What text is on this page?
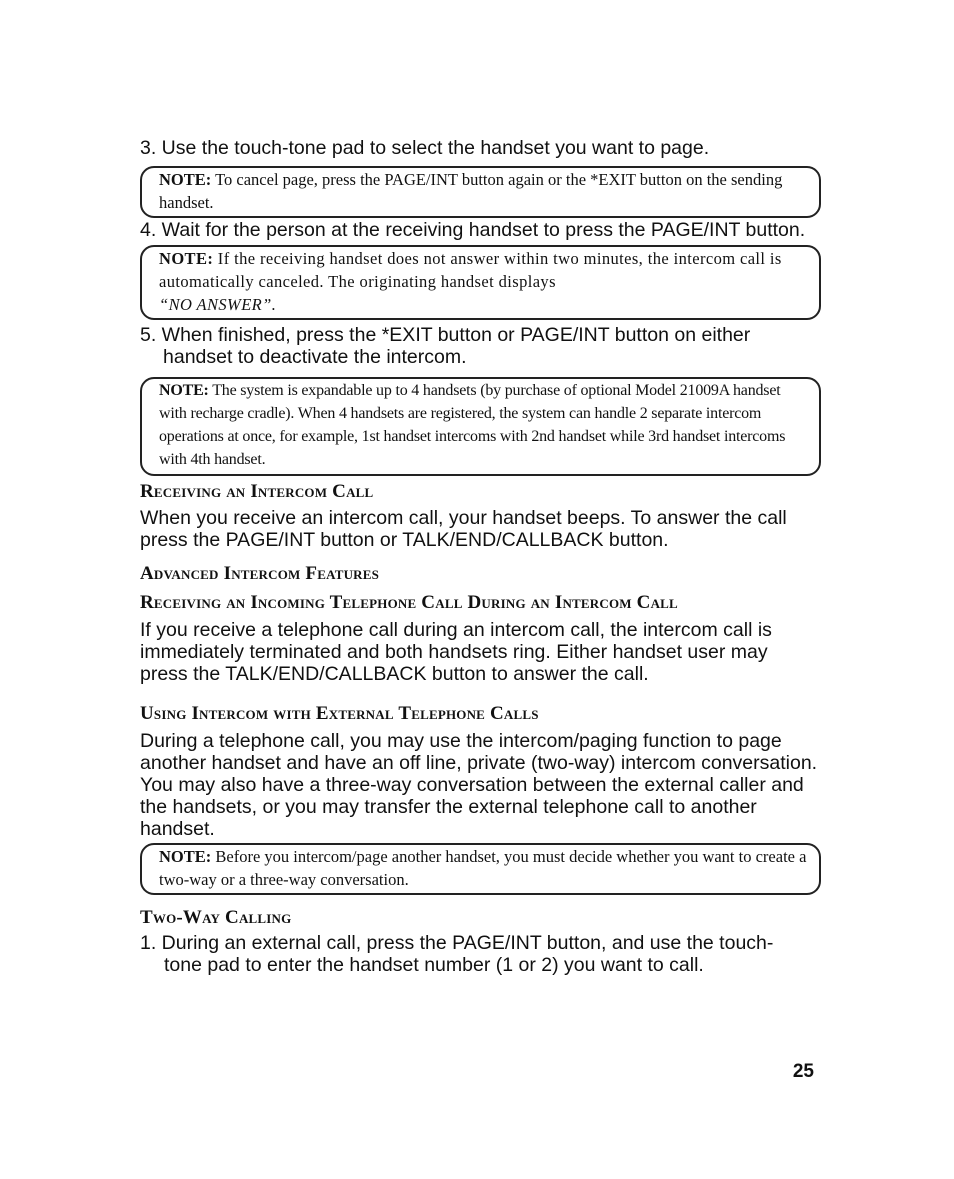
3. Use the touch-tone pad to select the handset you want to page.
NOTE: To cancel page, press the PAGE/INT button again or the *EXIT button on the sending handset.
4. Wait for the person at the receiving handset to press the PAGE/INT button.
NOTE: If the receiving handset does not answer within two minutes, the intercom call is automatically canceled. The originating handset displays
“NO ANSWER”.
5. When finished, press the *EXIT button or PAGE/INT button on either
handset to deactivate the intercom.
NOTE: The system is expandable up to 4 handsets (by purchase of optional Model 21009A handset with recharge cradle). When 4 handsets are registered, the system can handle 2 separate intercom operations at once, for example, 1st handset intercoms with 2nd handset while 3rd handset intercoms with 4th handset.
Receiving an Intercom Call
When you receive an intercom call, your handset beeps. To answer the call press the PAGE/INT button or TALK/END/CALLBACK button.
Advanced Intercom Features
Receiving an Incoming Telephone Call During an Intercom Call
If you receive a telephone call during an intercom call, the intercom call is immediately terminated and both handsets ring. Either handset user may press the TALK/END/CALLBACK button to answer the call.
Using Intercom with External Telephone Calls
During a telephone call, you may use the intercom/paging function to page another handset and have an off line, private (two-way) intercom conversation. You may also have a three-way conversation between the external caller and the handsets, or you may transfer the external telephone call to another handset.
NOTE: Before you intercom/page another handset, you must decide whether you want to create a two-way or a three-way conversation.
Two-Way Calling
1. During an external call, press the PAGE/INT button, and use the touch-
tone pad to enter the handset number (1 or 2) you want to call.
25
